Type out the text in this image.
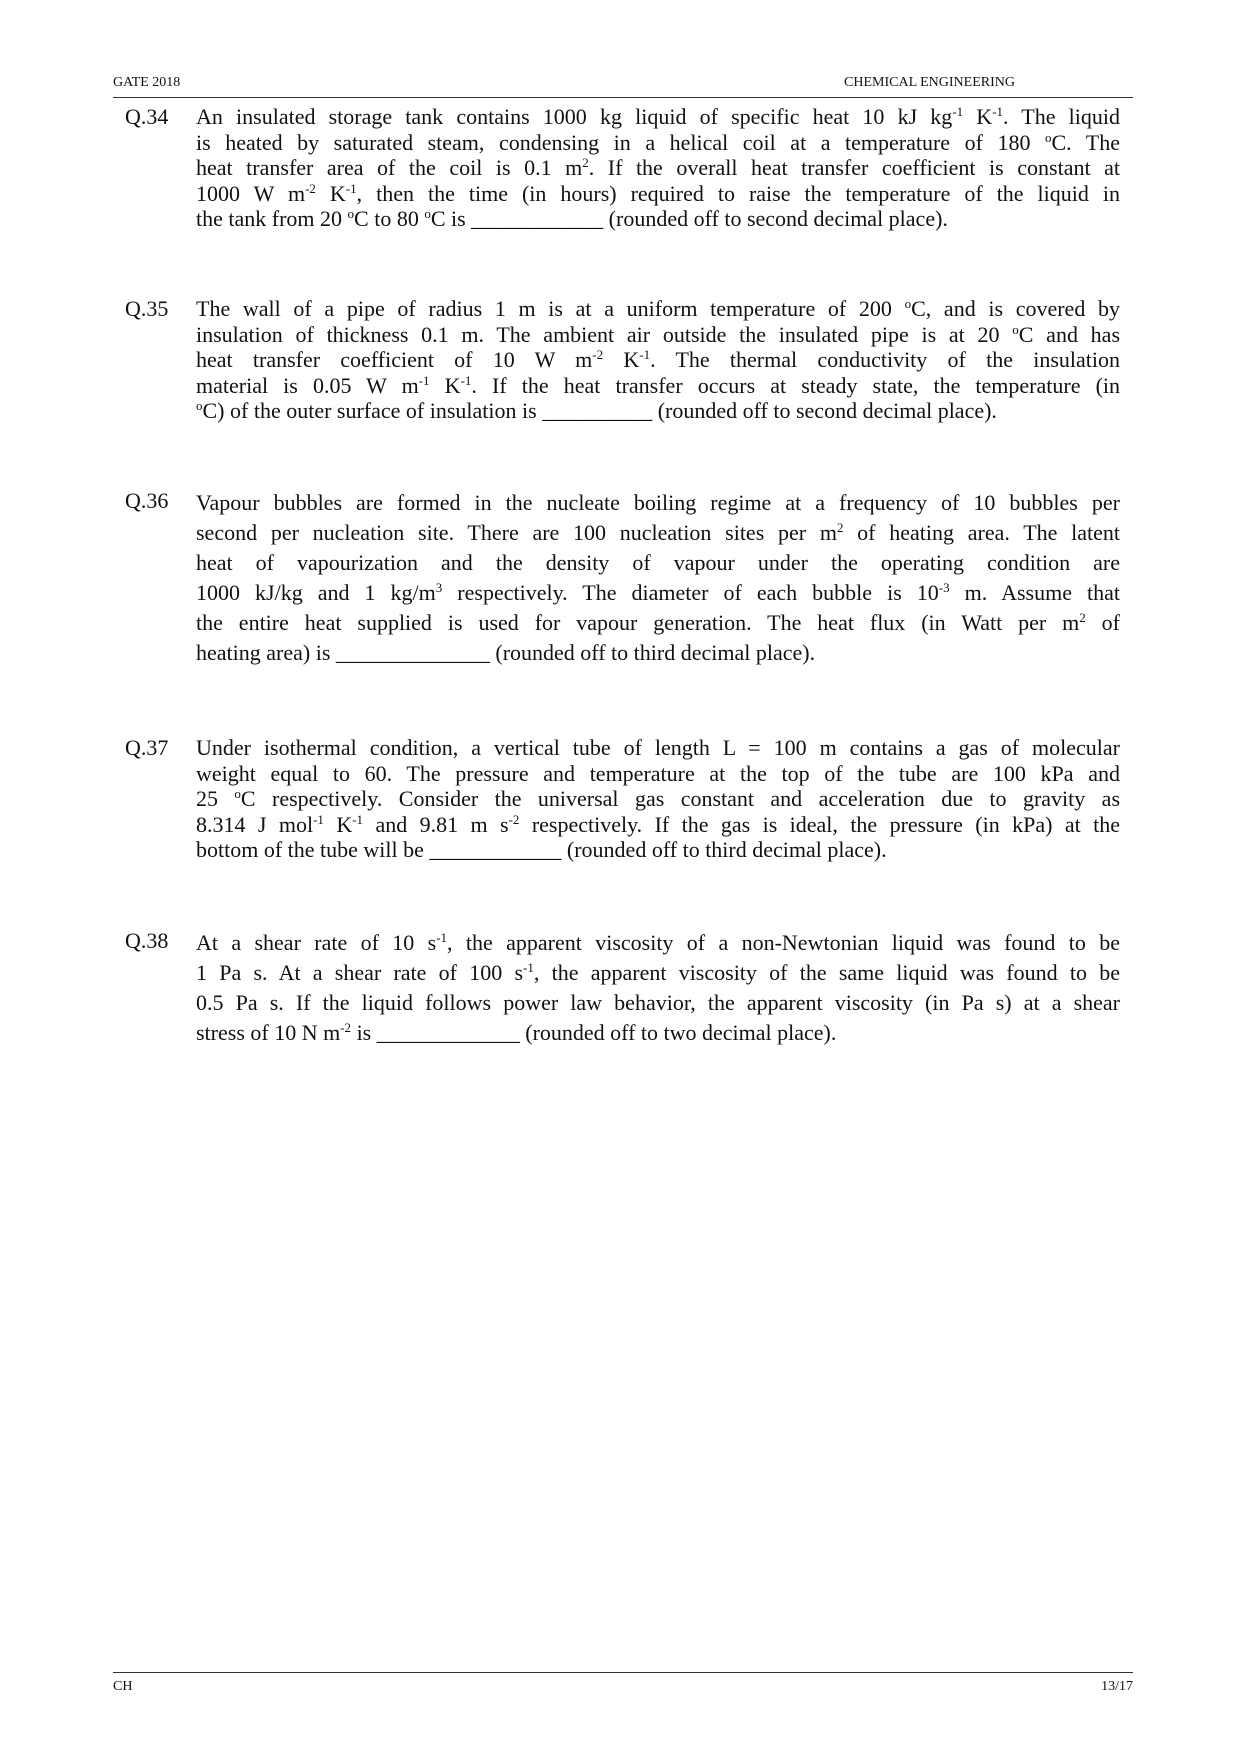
GATE 2018	CHEMICAL ENGINEERING
Q.34 An insulated storage tank contains 1000 kg liquid of specific heat 10 kJ $kg^{-1}$ $K^{-1}$. The liquid
is heated by saturated steam, condensing in a helical coil at a temperature of 180 $^o$C. The
heat transfer area of the coil is 0.1 $m^2$. If the overall heat transfer coefficient is constant at
1000 W $m^{-2}$ $K^{-1}$, then the time (in hours) required to raise the temperature of the liquid in
the tank from 20 $^o$C to 80 $^o$C is ____________ (rounded off to second decimal place).
Q.35 The wall of a pipe of radius 1 m is at a uniform temperature of 200 $^o$C, and is covered by
insulation of thickness 0.1 m. The ambient air outside the insulated pipe is at 20 $^o$C and has
heat transfer coefficient of 10 W $m^{-2}$ $K^{-1}$. The thermal conductivity of the insulation
material is 0.05 W $m^{-1}$ $K^{-1}$. If the heat transfer occurs at steady state, the temperature (in
$^o$C) of the outer surface of insulation is __________ (rounded off to second decimal place).
Q.36 Vapour bubbles are formed in the nucleate boiling regime at a frequency of 10 bubbles per
second per nucleation site. There are 100 nucleation sites per $m^2$ of heating area. The latent
heat of vapourization and the density of vapour under the operating condition are
1000 kJ/kg and 1 $kg/m^3$ respectively. The diameter of each bubble is $10^{-3}$ m. Assume that
the entire heat supplied is used for vapour generation. The heat flux (in Watt per $m^2$ of
heating area) is ______________ (rounded off to third decimal place).
Q.37 Under isothermal condition, a vertical tube of length L = 100 m contains a gas of molecular
weight equal to 60. The pressure and temperature at the top of the tube are 100 kPa and
25 $^o$C respectively. Consider the universal gas constant and acceleration due to gravity as
8.314 J mol$^{-1}$ $K^{-1}$ and 9.81 m $s^{-2}$ respectively. If the gas is ideal, the pressure (in kPa) at the
bottom of the tube will be ____________ (rounded off to third decimal place).
Q.38 At a shear rate of 10 $s^{-1}$, the apparent viscosity of a non-Newtonian liquid was found to be
1 Pa s. At a shear rate of 100 $s^{-1}$, the apparent viscosity of the same liquid was found to be
0.5 Pa s. If the liquid follows power law behavior, the apparent viscosity (in Pa s) at a shear
stress of 10 N $m^{-2}$ is _____________ (rounded off to two decimal place).
CH	13/17
